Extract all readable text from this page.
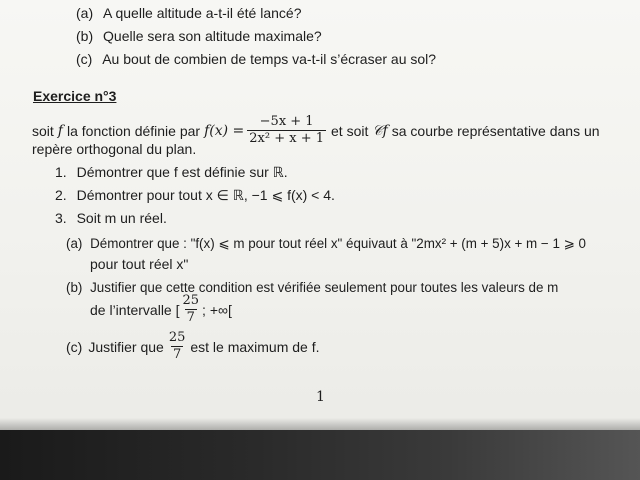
(a) A quelle altitude a-t-il été lancé?
(b) Quelle sera son altitude maximale?
(c) Au bout de combien de temps va-t-il s’écraser au sol?
Exercice n°3
soit f la fonction définie par $f(x) = \frac{-5x + 1}{\text{2x² + x + 1}}$ et soit 𝒞f sa courbe représentative dans un
repère orthogonal du plan.
1. Démontrer que f est définie sur ℝ.
2. Démontrer pour tout x ∈ ℝ, −1 ⩽ f(x) < 4.
3. Soit m un réel.
(a) Démontrer que : "f(x) ⩽ m pour tout réel x" équivaut à "2mx² + (m + 5)x + m − 1 ⩾ 0
pour tout réel x"
(b) Justifier que cette condition est vérifiée seulement pour toutes les valeurs de m
de l’intervalle [ $\frac{25}{7}$ ; +∞[
(c) Justifier que $\frac{25}{7}$ est le maximum de f.
1
